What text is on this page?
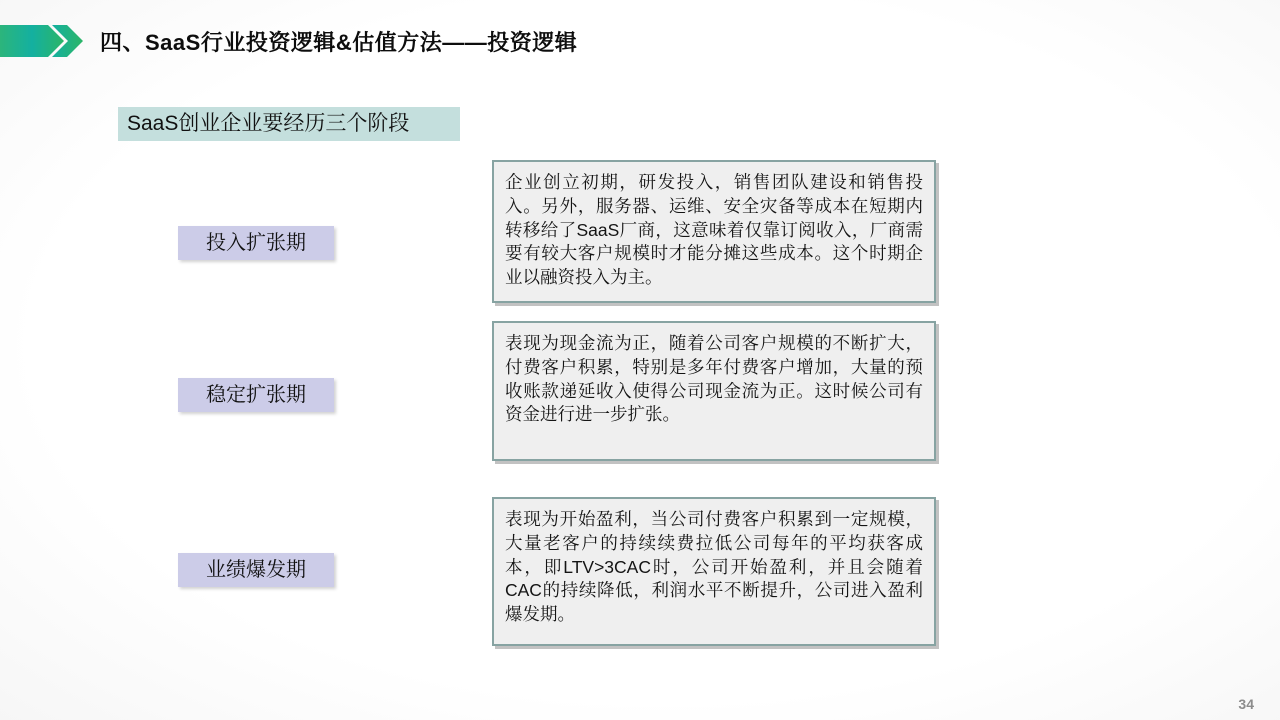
四、SaaS行业投资逻辑&估值方法——投资逻辑
SaaS创业企业要经历三个阶段
投入扩张期
企业创立初期，研发投入，销售团队建设和销售投入。另外，服务器、运维、安全灾备等成本在短期内转移给了SaaS厂商，这意味着仅靠订阅收入，厂商需要有较大客户规模时才能分摊这些成本。这个时期企业以融资投入为主。
稳定扩张期
表现为现金流为正，随着公司客户规模的不断扩大，付费客户积累，特别是多年付费客户增加，大量的预收账款递延收入使得公司现金流为正。这时候公司有资金进行进一步扩张。
业绩爆发期
表现为开始盈利，当公司付费客户积累到一定规模，大量老客户的持续续费拉低公司每年的平均获客成本，即LTV>3CAC时，公司开始盈利，并且会随着CAC的持续降低，利润水平不断提升，公司进入盈利爆发期。
34
